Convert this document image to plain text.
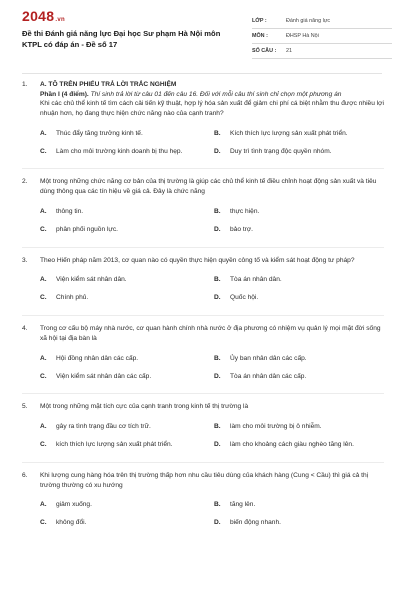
2048.vn
Đề thi Đánh giá năng lực Đại học Sư phạm Hà Nội môn KTPL có đáp án - Đề số 17
LỚP :	Đánh giá năng lực
MÔN :	ĐHSP Hà Nội
SỐ CÂU :	21
1. A. TÔ TRÊN PHIẾU TRẢ LỜI TRẮC NGHIỆM
Phần I (4 điểm). Thí sinh trả lời từ câu 01 đến câu 16. Đối với mỗi câu thí sinh chỉ chọn một phương án
Khi các chủ thể kinh tế tìm cách cải tiến kỹ thuật, hợp lý hóa sản xuất để giảm chi phí cá biệt nhằm thu được nhiều lợi nhuận hơn, họ đang thực hiện chức năng nào của cạnh tranh?
A.	Thúc đẩy tăng trưởng kinh tế.	B.	Kích thích lực lượng sản xuất phát triển.
C.	Làm cho môi trường kinh doanh bị thu hẹp.	D.	Duy trì tình trạng độc quyền nhóm.
2. Một trong những chức năng cơ bản của thị trường là giúp các chủ thể kinh tế điều chỉnh hoạt động sản xuất và tiêu dùng thông qua các tín hiệu về giá cả. Đây là chức năng
A.	thông tin.	B.	thực hiện.
C.	phân phối nguồn lực.	D.	bảo trợ.
3. Theo Hiến pháp năm 2013, cơ quan nào có quyền thực hiện quyền công tố và kiểm sát hoạt động tư pháp?
A.	Viện kiểm sát nhân dân.	B.	Tòa án nhân dân.
C.	Chính phủ.	D.	Quốc hội.
4. Trong cơ cấu bộ máy nhà nước, cơ quan hành chính nhà nước ở địa phương có nhiệm vụ quản lý mọi mặt đời sống xã hội tại địa bàn là
A.	Hội đồng nhân dân các cấp.	B.	Ủy ban nhân dân các cấp.
C.	Viện kiểm sát nhân dân các cấp.	D.	Tòa án nhân dân các cấp.
5. Một trong những mặt tích cực của cạnh tranh trong kinh tế thị trường là
A.	gây ra tình trạng đầu cơ tích trữ.	B.	làm cho môi trường bị ô nhiễm.
C.	kích thích lực lượng sản xuất phát triển.	D.	làm cho khoảng cách giàu nghèo tăng lên.
6. Khi lượng cung hàng hóa trên thị trường thấp hơn nhu cầu tiêu dùng của khách hàng (Cung < Cầu) thì giá cả thị trường thường có xu hướng
A.	giảm xuống.	B.	tăng lên.
C.	không đổi.	D.	biến động nhanh.
